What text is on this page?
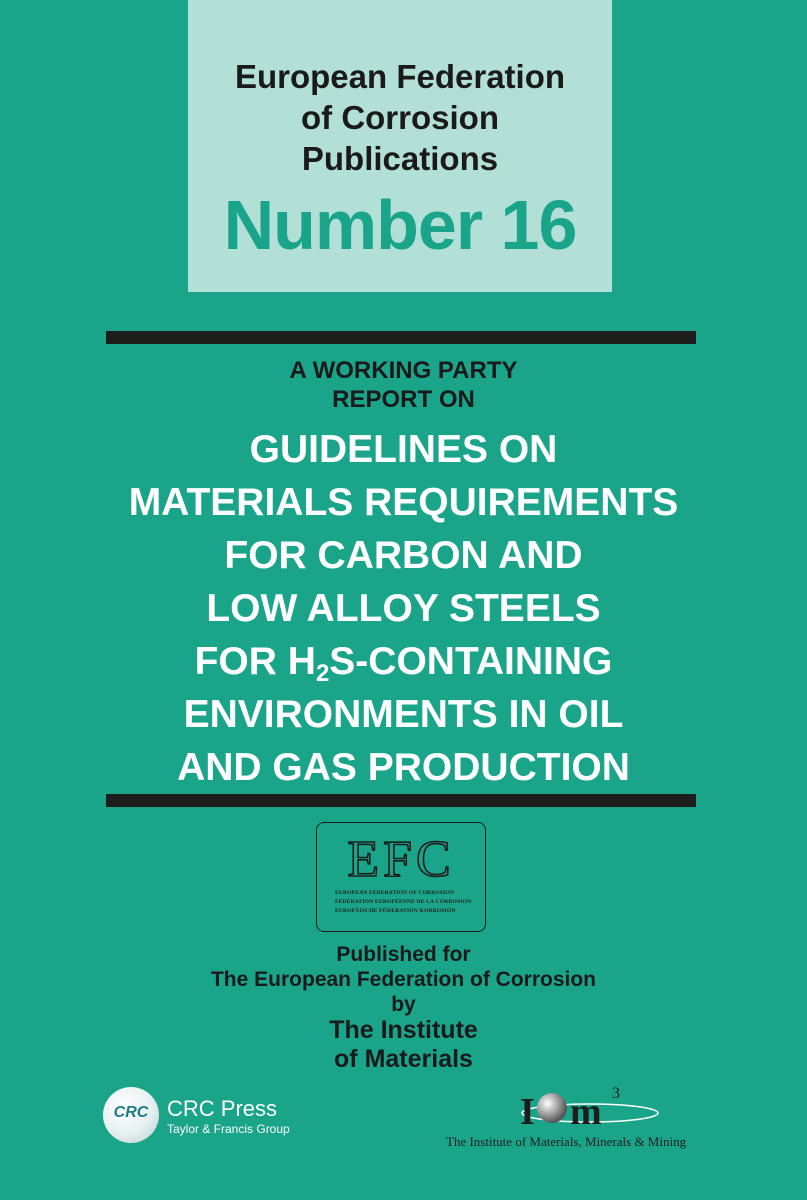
European Federation
of Corrosion
Publications
Number 16
A WORKING PARTY
REPORT ON
GUIDELINES ON
MATERIALS REQUIREMENTS
FOR CARBON AND
LOW ALLOY STEELS
FOR $H_2S$-CONTAINING
ENVIRONMENTS IN OIL
AND GAS PRODUCTION
EFC
EUROPEAN FEDERATION OF CORROSION
FÉDÉRATION EUROPÉENNE DE LA CORROSION
EUROPÄISCHE FÖDERATION KORROSION
Published for
The European Federation of Corrosion
by
The Institute
of Materials
CRC CRC Press
Taylor & Francis Group	I m 3
The Institute of Materials, Minerals & Mining
